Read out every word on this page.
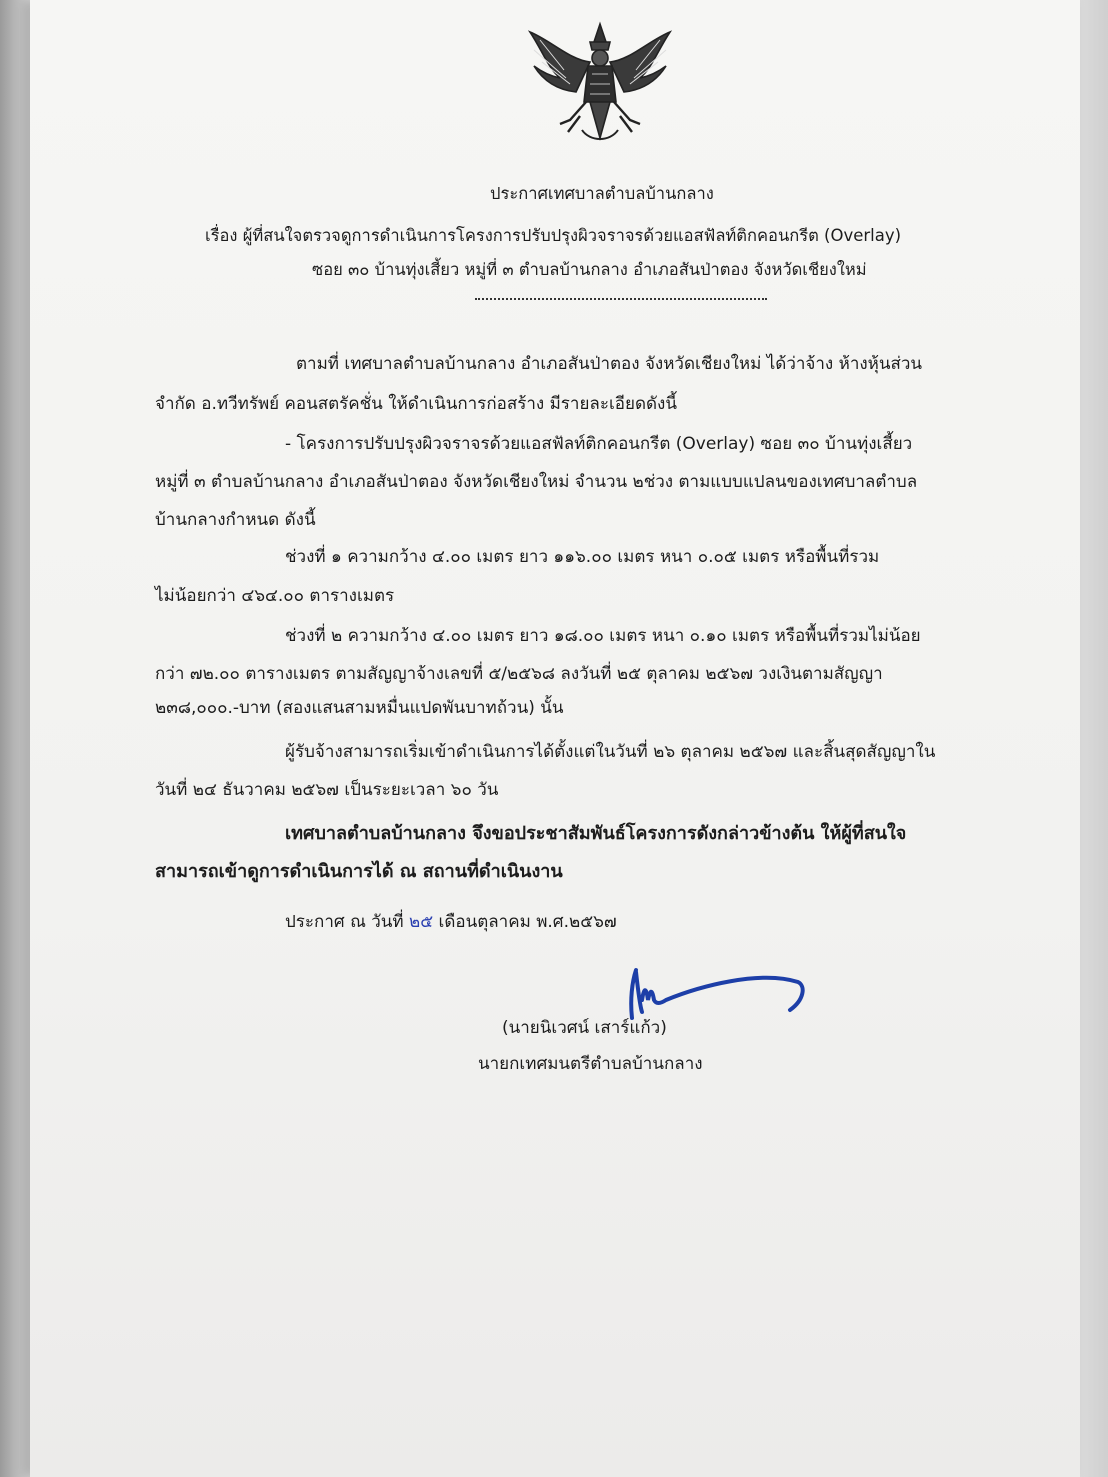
ประกาศเทศบาลตำบลบ้านกลาง
เรื่อง ผู้ที่สนใจตรวจดูการดำเนินการโครงการปรับปรุงผิวจราจรด้วยแอสฟัลท์ติกคอนกรีต (Overlay)
ซอย ๓๐ บ้านทุ่งเสี้ยว หมู่ที่ ๓ ตำบลบ้านกลาง อำเภอสันป่าตอง จังหวัดเชียงใหม่
ตามที่ เทศบาลตำบลบ้านกลาง อำเภอสันป่าตอง จังหวัดเชียงใหม่ ได้ว่าจ้าง ห้างหุ้นส่วน
จำกัด อ.ทวีทรัพย์ คอนสตรัคชั่น ให้ดำเนินการก่อสร้าง มีรายละเอียดดังนี้
- โครงการปรับปรุงผิวจราจรด้วยแอสฟัลท์ติกคอนกรีต (Overlay) ซอย ๓๐ บ้านทุ่งเสี้ยว
หมู่ที่ ๓ ตำบลบ้านกลาง อำเภอสันป่าตอง จังหวัดเชียงใหม่ จำนวน ๒ช่วง ตามแบบแปลนของเทศบาลตำบล
บ้านกลางกำหนด ดังนี้
ช่วงที่ ๑ ความกว้าง ๔.๐๐ เมตร ยาว ๑๑๖.๐๐ เมตร หนา ๐.๐๕ เมตร หรือพื้นที่รวม
ไม่น้อยกว่า ๔๖๔.๐๐ ตารางเมตร
ช่วงที่ ๒ ความกว้าง ๔.๐๐ เมตร ยาว ๑๘.๐๐ เมตร หนา ๐.๑๐ เมตร หรือพื้นที่รวมไม่น้อย
กว่า ๗๒.๐๐ ตารางเมตร ตามสัญญาจ้างเลขที่ ๕/๒๕๖๘ ลงวันที่ ๒๕ ตุลาคม ๒๕๖๗ วงเงินตามสัญญา
๒๓๘,๐๐๐.-บาท (สองแสนสามหมื่นแปดพันบาทถ้วน) นั้น
ผู้รับจ้างสามารถเริ่มเข้าดำเนินการได้ตั้งแต่ในวันที่ ๒๖ ตุลาคม ๒๕๖๗ และสิ้นสุดสัญญาใน
วันที่ ๒๔ ธันวาคม ๒๕๖๗ เป็นระยะเวลา ๖๐ วัน
เทศบาลตำบลบ้านกลาง จึงขอประชาสัมพันธ์โครงการดังกล่าวข้างต้น ให้ผู้ที่สนใจ
สามารถเข้าดูการดำเนินการได้ ณ สถานที่ดำเนินงาน
ประกาศ ณ วันที่ ๒๕ เดือนตุลาคม พ.ศ.๒๕๖๗
(นายนิเวศน์ เสาร์แก้ว)
นายกเทศมนตรีตำบลบ้านกลาง
